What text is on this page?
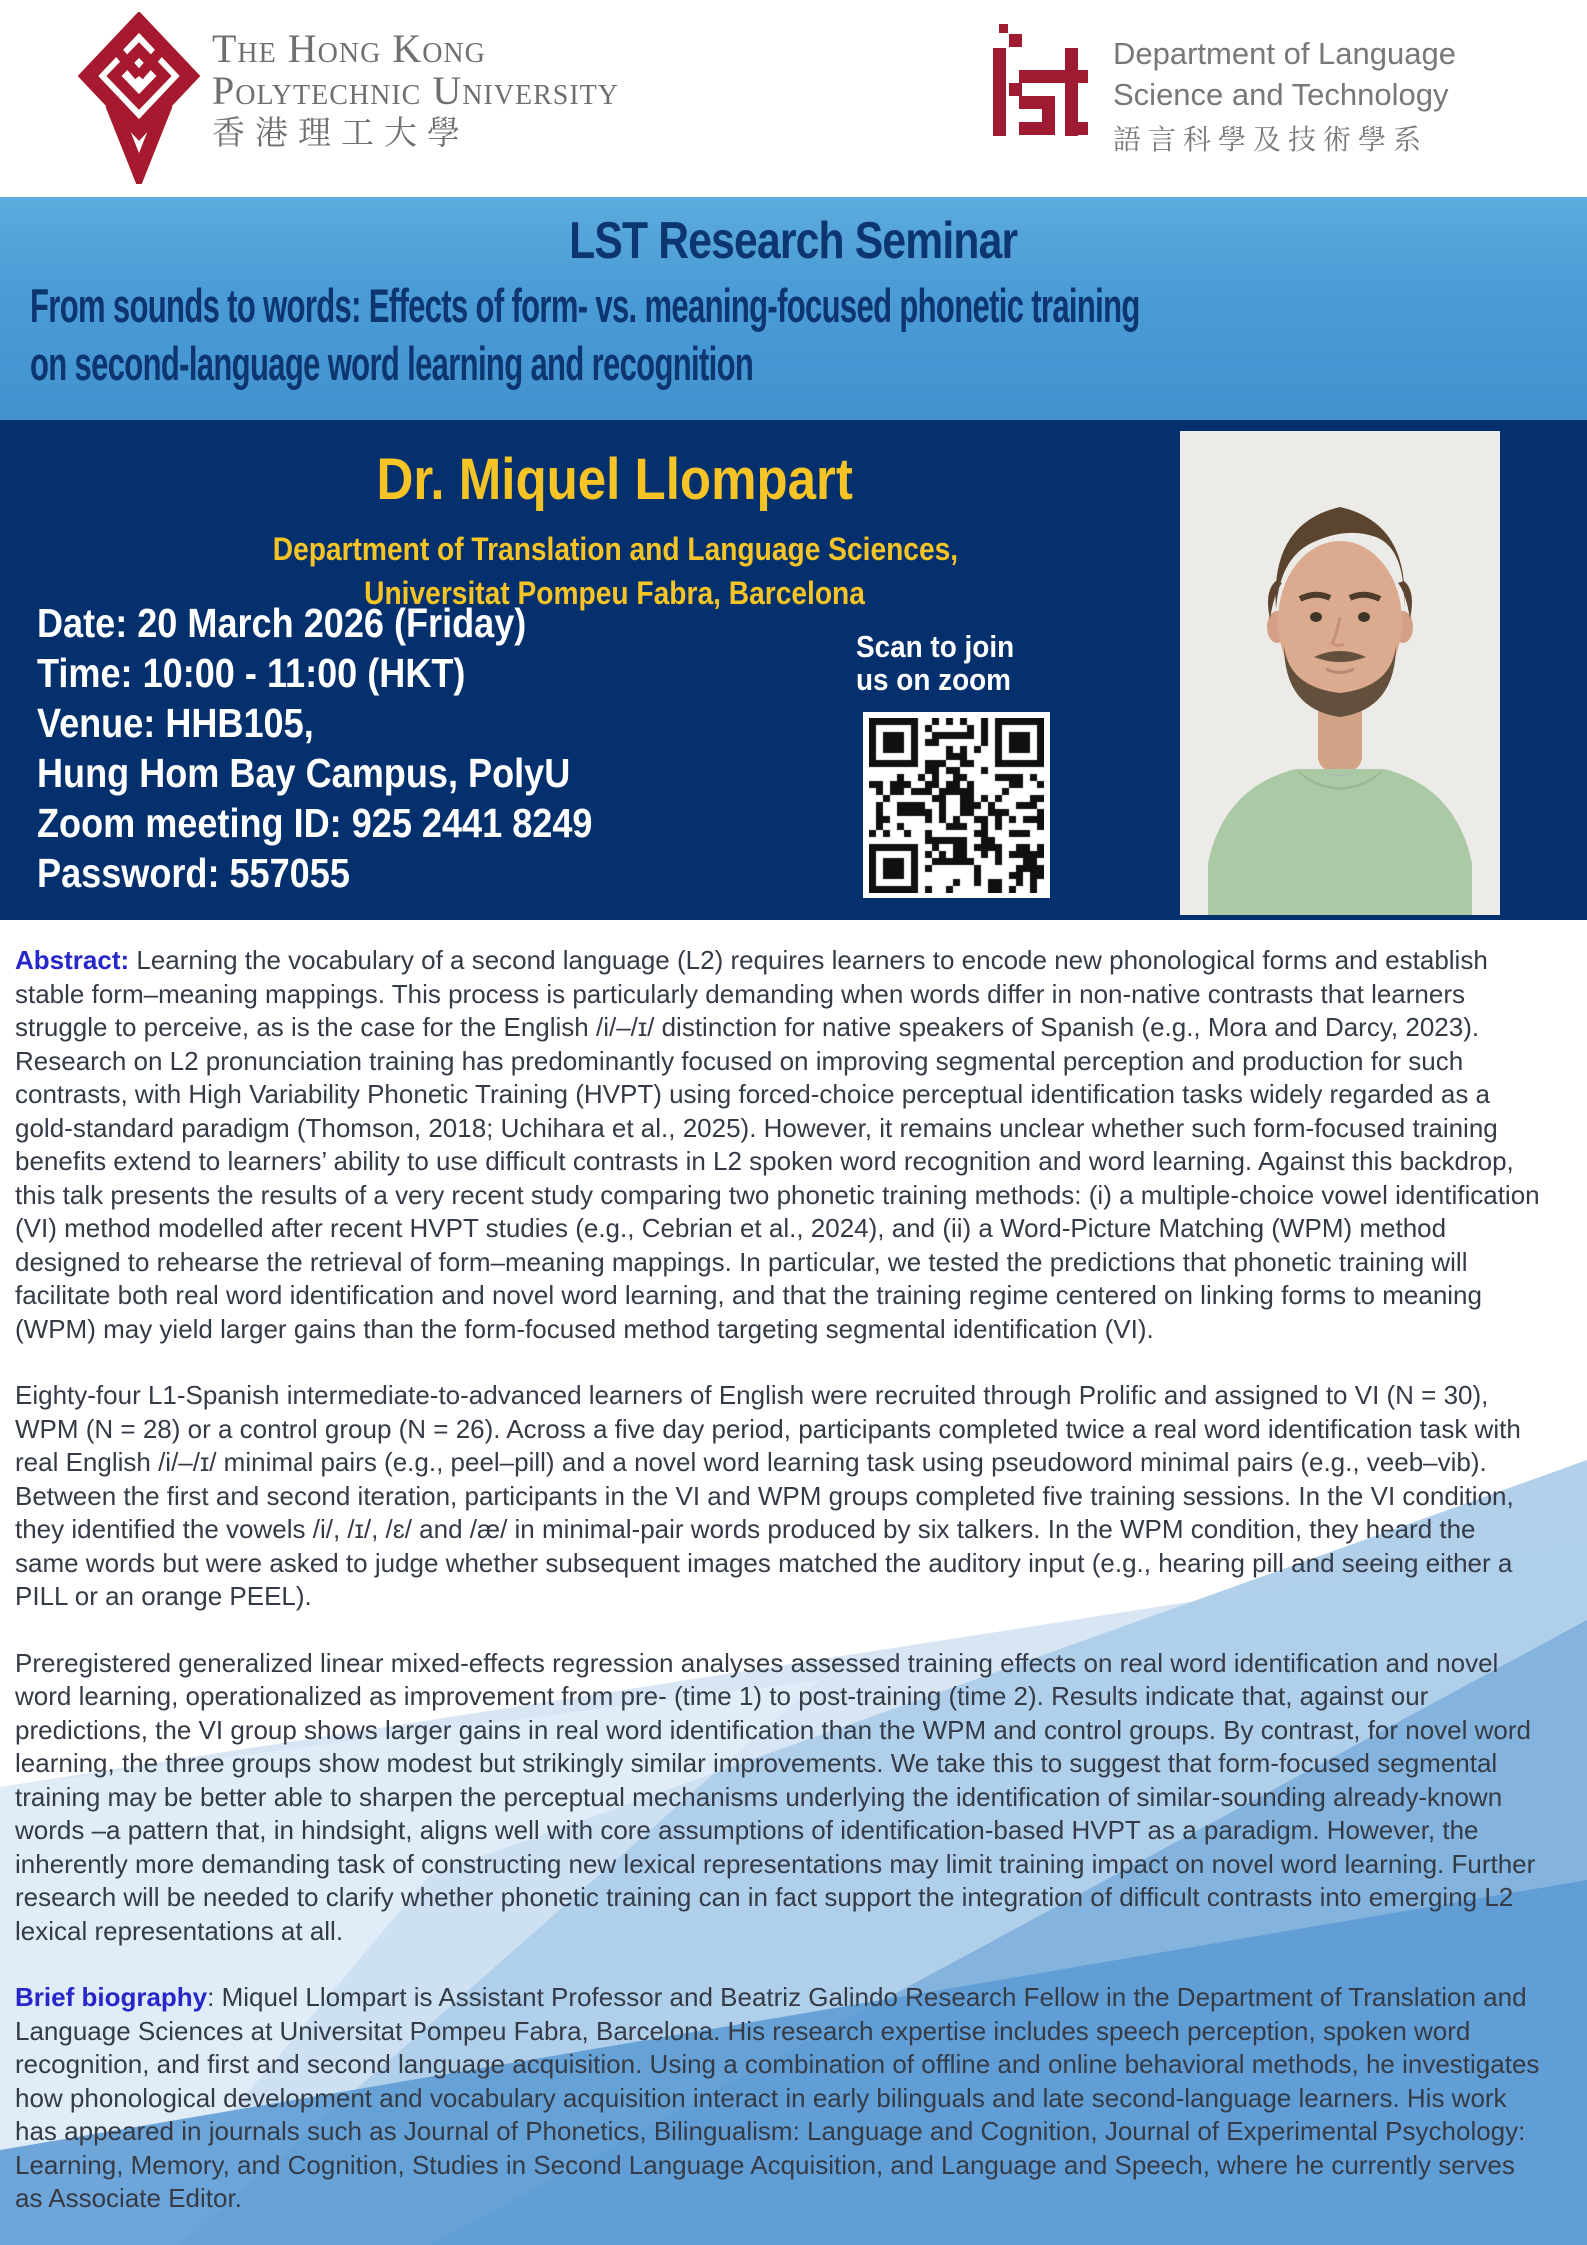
The Hong Kong
Polytechnic University
香港理工大學
Department of Language
Science and Technology
語言科學及技術學系
LST Research Seminar
From sounds to words: Effects of form- vs. meaning-focused phonetic training
on second-language word learning and recognition
Dr. Miquel Llompart
Department of Translation and Language Sciences,
Universitat Pompeu Fabra, Barcelona
Date: 20 March 2026 (Friday)
Time: 10:00 - 11:00 (HKT)
Venue: HHB105,
Hung Hom Bay Campus, PolyU
Zoom meeting ID: 925 2441 8249
Password: 557055
Scan to join
us on zoom

Abstract: Learning the vocabulary of a second language (L2) requires learners to encode new phonological forms and establish stable form–meaning mappings. This process is particularly demanding when words differ in non-native contrasts that learners struggle to perceive, as is the case for the English /i/–/ɪ/ distinction for native speakers of Spanish (e.g., Mora and Darcy, 2023). Research on L2 pronunciation training has predominantly focused on improving segmental perception and production for such contrasts, with High Variability Phonetic Training (HVPT) using forced-choice perceptual identification tasks widely regarded as a gold-standard paradigm (Thomson, 2018; Uchihara et al., 2025). However, it remains unclear whether such form-focused training benefits extend to learners’ ability to use difficult contrasts in L2 spoken word recognition and word learning. Against this backdrop, this talk presents the results of a very recent study comparing two phonetic training methods: (i) a multiple-choice vowel identification (VI) method modelled after recent HVPT studies (e.g., Cebrian et al., 2024), and (ii) a Word-Picture Matching (WPM) method designed to rehearse the retrieval of form–meaning mappings. In particular, we tested the predictions that phonetic training will facilitate both real word identification and novel word learning, and that the training regime centered on linking forms to meaning (WPM) may yield larger gains than the form-focused method targeting segmental identification (VI).

Eighty-four L1-Spanish intermediate-to-advanced learners of English were recruited through Prolific and assigned to VI (N = 30), WPM (N = 28) or a control group (N = 26). Across a five day period, participants completed twice a real word identification task with real English /i/–/ɪ/ minimal pairs (e.g., peel–pill) and a novel word learning task using pseudoword minimal pairs (e.g., veeb–vib). Between the first and second iteration, participants in the VI and WPM groups completed five training sessions. In the VI condition, they identified the vowels /i/, /ɪ/, /ɛ/ and /æ/ in minimal-pair words produced by six talkers. In the WPM condition, they heard the same words but were asked to judge whether subsequent images matched the auditory input (e.g., hearing pill and seeing either a PILL or an orange PEEL).

Preregistered generalized linear mixed-effects regression analyses assessed training effects on real word identification and novel word learning, operationalized as improvement from pre- (time 1) to post-training (time 2). Results indicate that, against our predictions, the VI group shows larger gains in real word identification than the WPM and control groups. By contrast, for novel word learning, the three groups show modest but strikingly similar improvements. We take this to suggest that form-focused segmental training may be better able to sharpen the perceptual mechanisms underlying the identification of similar-sounding already-known words –a pattern that, in hindsight, aligns well with core assumptions of identification-based HVPT as a paradigm. However, the inherently more demanding task of constructing new lexical representations may limit training impact on novel word learning. Further research will be needed to clarify whether phonetic training can in fact support the integration of difficult contrasts into emerging L2 lexical representations at all.

Brief biography: Miquel Llompart is Assistant Professor and Beatriz Galindo Research Fellow in the Department of Translation and Language Sciences at Universitat Pompeu Fabra, Barcelona. His research expertise includes speech perception, spoken word recognition, and first and second language acquisition. Using a combination of offline and online behavioral methods, he investigates how phonological development and vocabulary acquisition interact in early bilinguals and late second-language learners. His work has appeared in journals such as Journal of Phonetics, Bilingualism: Language and Cognition, Journal of Experimental Psychology: Learning, Memory, and Cognition, Studies in Second Language Acquisition, and Language and Speech, where he currently serves as Associate Editor.
